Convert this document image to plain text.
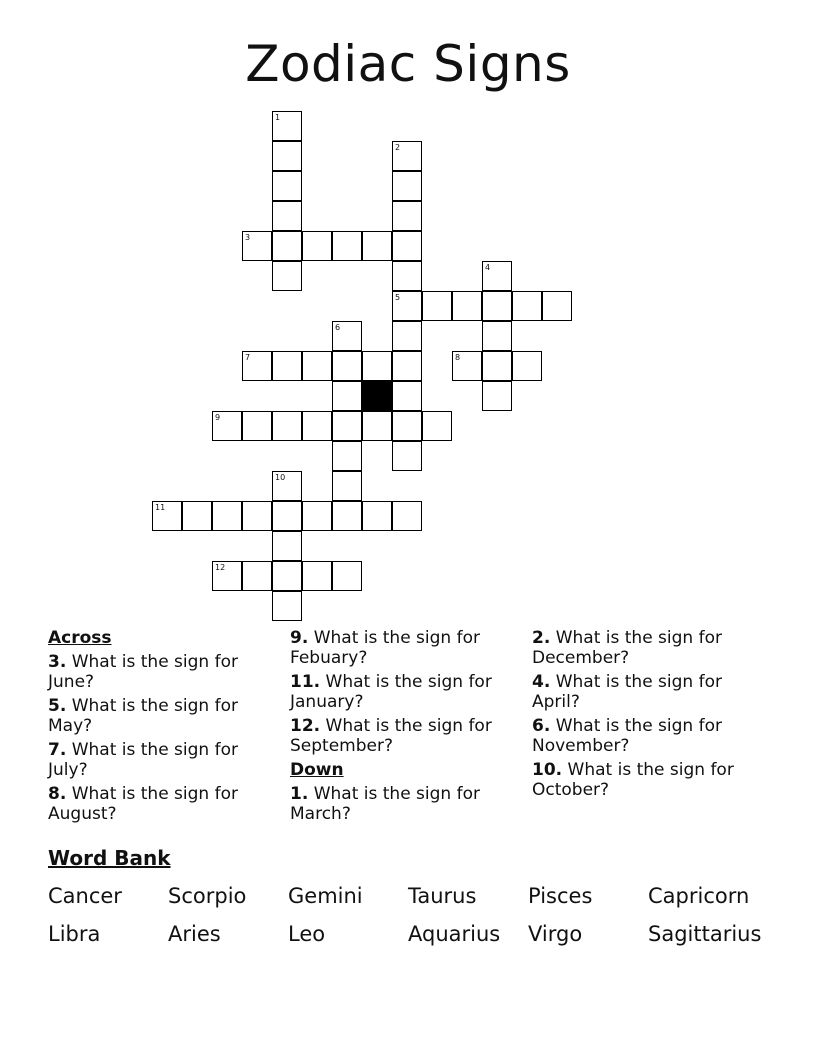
Zodiac Signs
1
2
3
4
5
6
7	8
9
10
11
12
Across
3. What is the sign for June?
5. What is the sign for May?
7. What is the sign for July?
8. What is the sign for August?
9. What is the sign for Febuary?
11. What is the sign for January?
12. What is the sign for September?
Down
1. What is the sign for March?
2. What is the sign for December?
4. What is the sign for April?
6. What is the sign for November?
10. What is the sign for October?
Word Bank
Cancer Scorpio Gemini Taurus Pisces	Capricorn
Libra	Aries	Leo	Aquarius Virgo	Sagittarius
